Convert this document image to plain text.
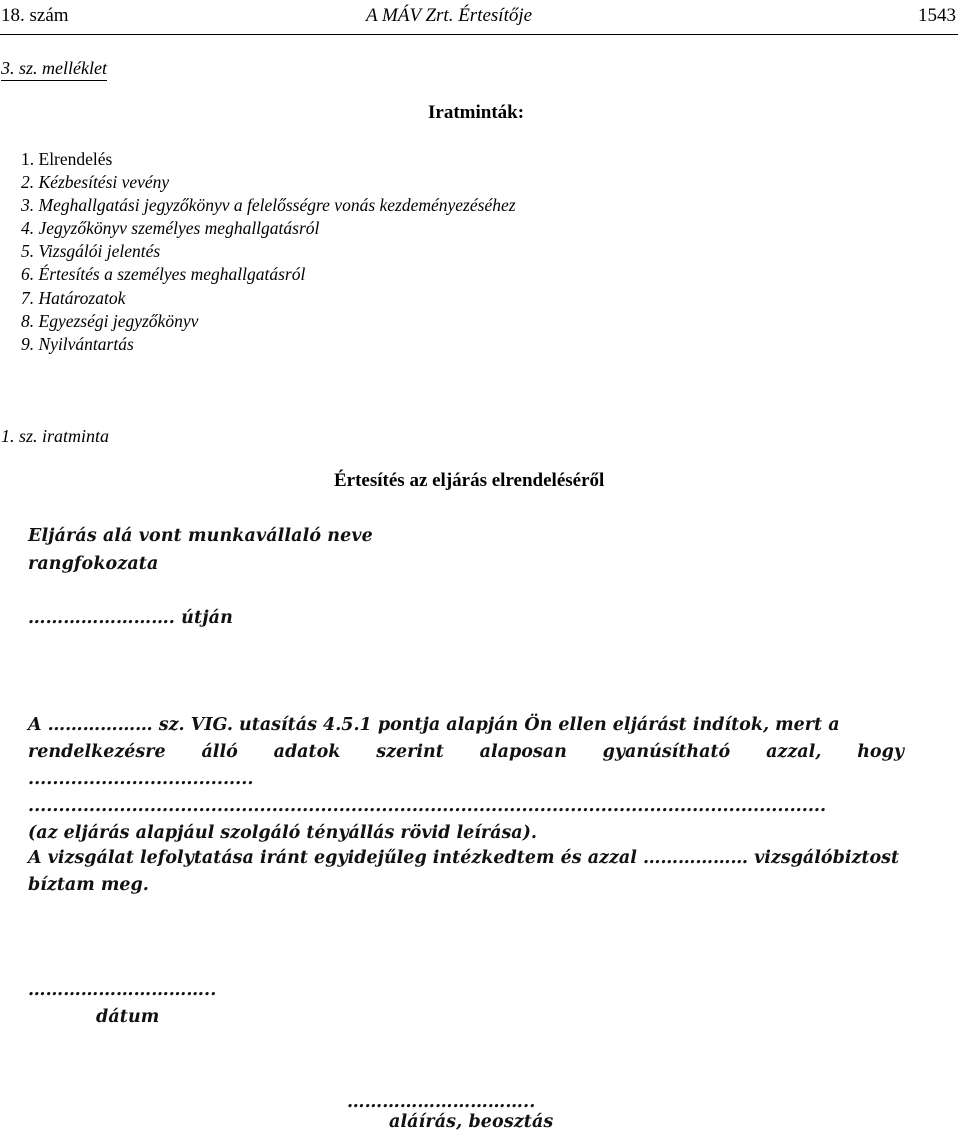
18. szám	A MÁV Zrt. Értesítője	1543
3. sz. melléklet
Iratminták:
1. Elrendelés
2. Kézbesítési vevény
3. Meghallgatási jegyzőkönyv a felelősségre vonás kezdeményezéséhez
4. Jegyzőkönyv személyes meghallgatásról
5. Vizsgálói jelentés
6. Értesítés a személyes meghallgatásról
7. Határozatok
8. Egyezségi jegyzőkönyv
9. Nyilvántartás
1. sz. iratminta
Értesítés az eljárás elrendeléséről
Eljárás alá vont munkavállaló neve
rangfokozata
……………………. útján

A ……………… sz. VIG. utasítás 4.5.1 pontja alapján Ön ellen eljárást indítok, mert a

rendelkezésre álló adatok szerint alaposan gyanúsítható azzal, hogy .....................................

...................................................................................................................................

(az eljárás alapjául szolgáló tényállás rövid leírása).

A vizsgálat lefolytatása iránt egyidejűleg intézkedtem és azzal ……………… vizsgálóbiztost

bíztam meg.

…………………………..
dátum
…………………………..
aláírás, beosztás
